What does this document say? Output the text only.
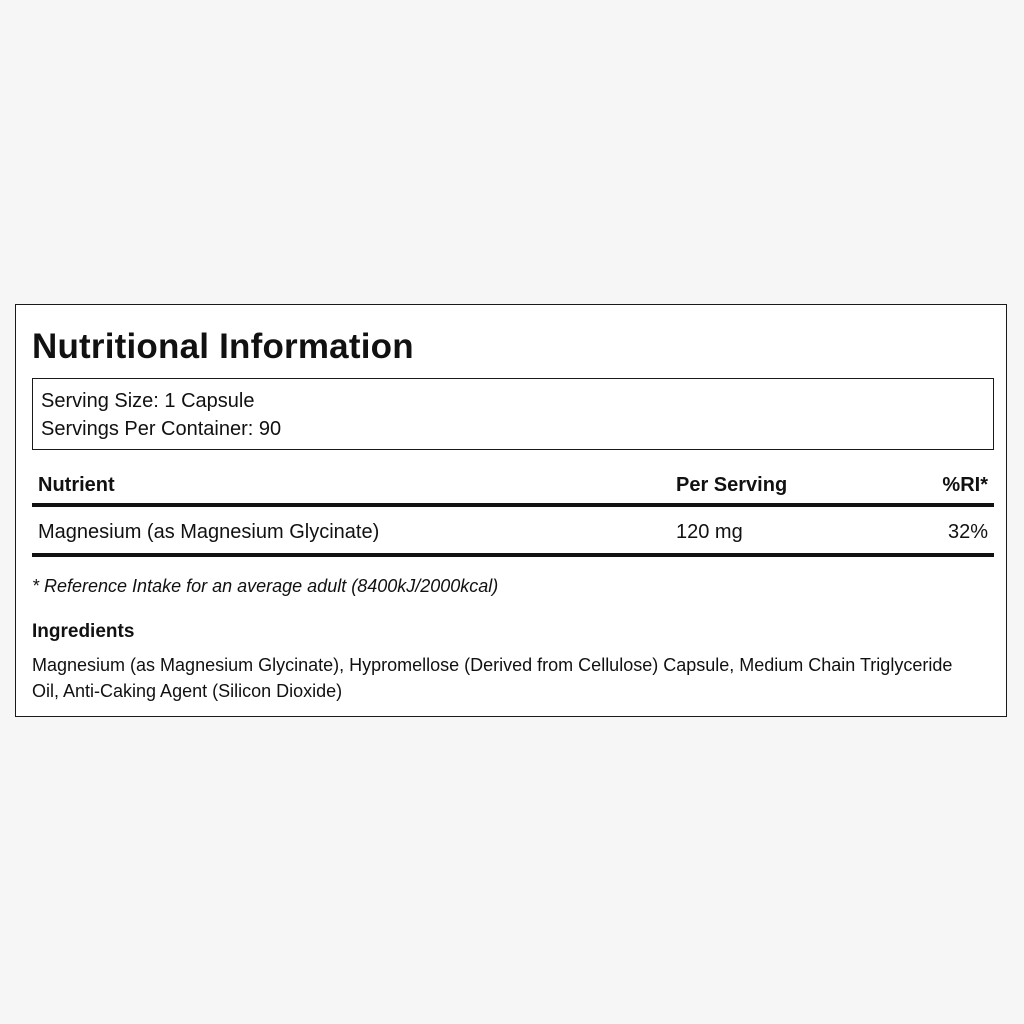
Nutritional Information
Serving Size: 1 Capsule
Servings Per Container: 90
Nutrient	Per Serving	%RI*
Magnesium (as Magnesium Glycinate)	120 mg	32%
* Reference Intake for an average adult (8400kJ/2000kcal)
Ingredients
Magnesium (as Magnesium Glycinate), Hypromellose (Derived from Cellulose) Capsule, Medium Chain Triglyceride Oil, Anti-Caking Agent (Silicon Dioxide)
